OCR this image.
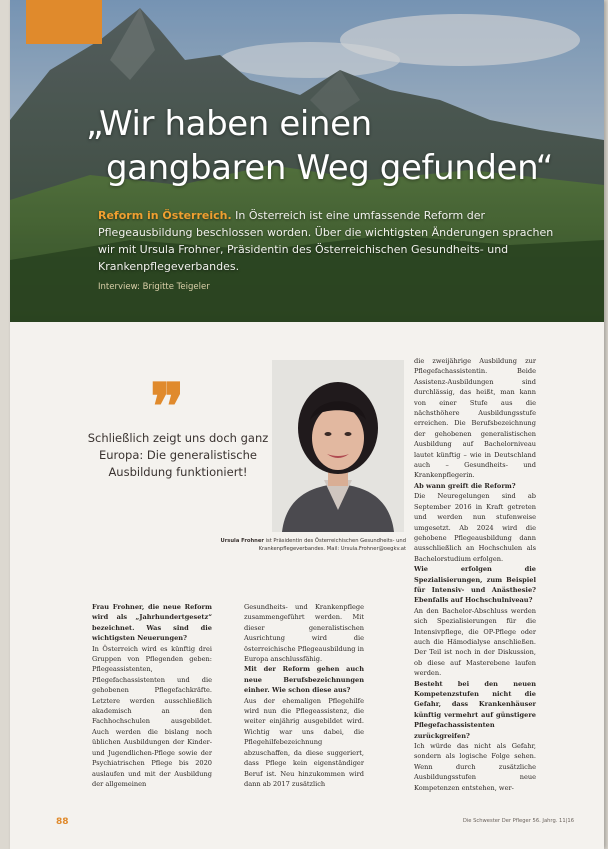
„Wir haben einen
gangbaren Weg gefunden“

Reform in Österreich. In Österreich ist eine umfassende Reform der Pflegeausbildung beschlossen worden. Über die wichtigsten Änderungen sprachen wir mit Ursula Frohner, Präsidentin des Österreichischen Gesundheits- und Krankenpflegeverbandes.

Interview: Brigitte Teigeler
❞

Schließlich zeigt uns doch ganz Europa: Die generalistische Ausbildung funktioniert!

Ursula Frohner ist Präsidentin des Österreichischen Gesundheits- und Krankenpflegeverbandes. Mail: Ursula.Frohner@oegkv.at

Frau Frohner, die neue Reform wird als „Jahrhundertgesetz“ bezeichnet. Was sind die wichtigsten Neuerungen?

In Österreich wird es künftig drei Gruppen von Pflegenden geben: Pflegeassistenten, Pflegefachassistenten und die gehobenen Pflegefachkräfte. Letztere werden ausschließlich akademisch an den Fachhochschulen ausgebildet. Auch werden die bislang noch üblichen Ausbildungen der Kinder- und Jugendlichen-Pflege sowie der Psychiatrischen Pflege bis 2020 auslaufen und mit der Ausbildung der allgemeinen

Gesundheits- und Krankenpflege zusammengeführt werden. Mit dieser generalistischen Ausrichtung wird die österreichische Pflegeausbildung in Europa anschlussfähig.

Mit der Reform gehen auch neue Berufsbezeichnungen einher. Wie schon diese aus?

Aus der ehemaligen Pflegehilfe wird nun die Pflegeassistenz, die weiter einjährig ausgebildet wird. Wichtig war uns dabei, die Pflegehilfebezeichnung abzuschaffen, da diese suggeriert, dass Pflege kein eigenständiger Beruf ist. Neu hinzukommen wird dann ab 2017 zusätzlich

die zweijährige Ausbildung zur Pflegefachassistentin. Beide Assistenz-Ausbildungen sind durchlässig, das heißt, man kann von einer Stufe aus die nächsthöhere Ausbildungsstufe erreichen. Die Berufsbezeichnung der gehobenen generalistischen Ausbildung auf Bachelorniveau lautet künftig – wie in Deutschland auch – Gesundheits- und Krankenpflegerin.

Ab wann greift die Reform?

Die Neuregelungen sind ab September 2016 in Kraft getreten und werden nun stufenweise umgesetzt. Ab 2024 wird die gehobene Pflegeausbildung dann ausschließlich an Hochschulen als Bachelorstudium erfolgen.

Wie erfolgen die Spezialisierungen, zum Beispiel für Intensiv- und Anästhesie? Ebenfalls auf Hochschulniveau?

An den Bachelor-Abschluss werden sich Spezialisierungen für die Intensivpflege, die OP-Pflege oder auch die Hämodialyse anschließen. Der Teil ist noch in der Diskussion, ob diese auf Masterebene laufen werden.

Besteht bei den neuen Kompetenzstufen nicht die Gefahr, dass Krankenhäuser künftig vermehrt auf günstigere Pflegefachassistenten zurückgreifen?

Ich würde das nicht als Gefahr, sondern als logische Folge sehen. Wenn durch zusätzliche Ausbildungsstufen neue Kompetenzen entstehen, wer-

88	Die Schwester Der Pfleger 56. Jahrg. 11|16
